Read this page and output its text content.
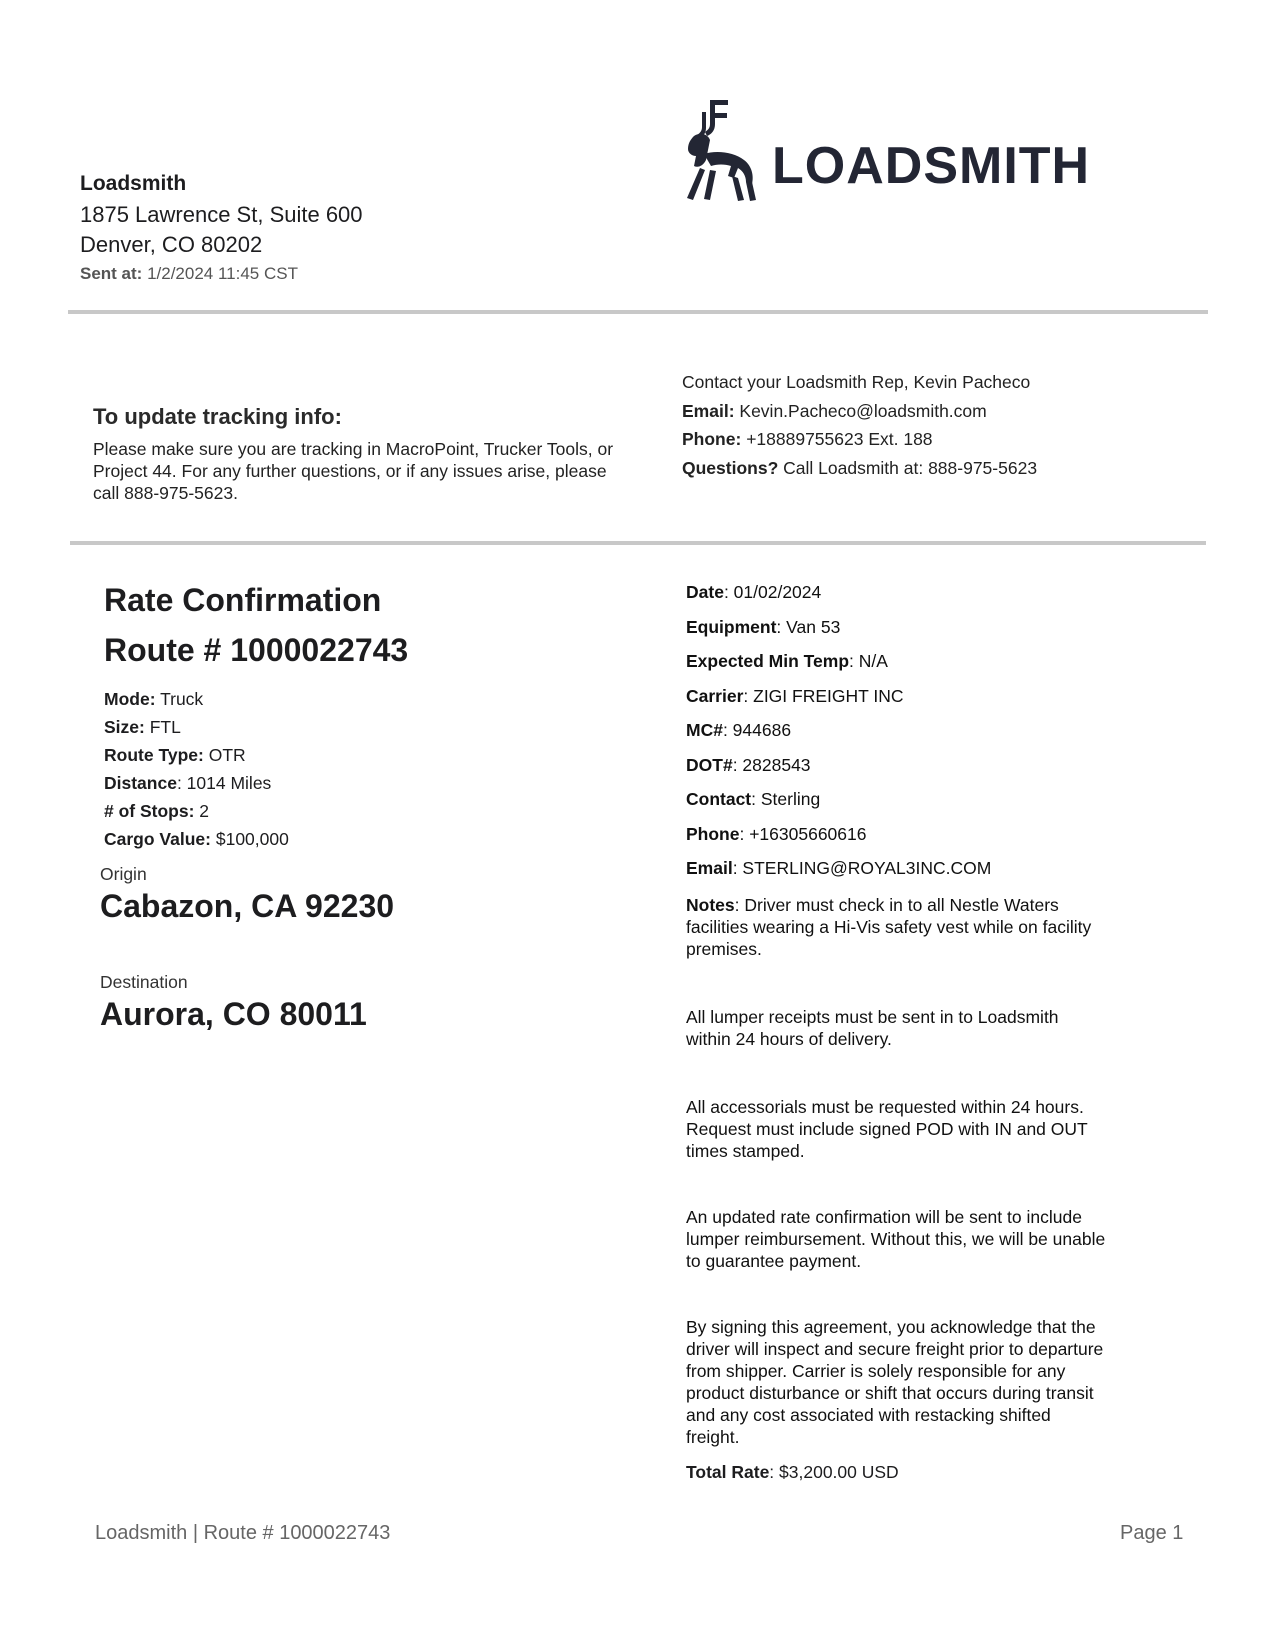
Loadsmith
1875 Lawrence St, Suite 600
Denver, CO 80202
Sent at: 1/2/2024 11:45 CST
LOADSMITH
To update tracking info:
Please make sure you are tracking in MacroPoint, Trucker Tools, or Project 44. For any further questions, or if any issues arise, please call 888-975-5623.
Contact your Loadsmith Rep, Kevin Pacheco
Email: Kevin.Pacheco@loadsmith.com
Phone: +18889755623 Ext. 188
Questions? Call Loadsmith at: 888-975-5623
Rate Confirmation
Route # 1000022743
Mode: Truck
Size: FTL
Route Type: OTR
Distance: 1014 Miles
# of Stops: 2
Cargo Value: $100,000
Origin
Cabazon, CA 92230
Destination
Aurora, CO 80011
Date: 01/02/2024
Equipment: Van 53
Expected Min Temp: N/A
Carrier: ZIGI FREIGHT INC
MC#: 944686
DOT#: 2828543
Contact: Sterling
Phone: +16305660616
Email: STERLING@ROYAL3INC.COM
Notes: Driver must check in to all Nestle Waters facilities wearing a Hi-Vis safety vest while on facility premises.
All lumper receipts must be sent in to Loadsmith within 24 hours of delivery.
All accessorials must be requested within 24 hours. Request must include signed POD with IN and OUT times stamped.
An updated rate confirmation will be sent to include lumper reimbursement. Without this, we will be unable to guarantee payment.
By signing this agreement, you acknowledge that the driver will inspect and secure freight prior to departure from shipper. Carrier is solely responsible for any product disturbance or shift that occurs during transit and any cost associated with restacking shifted freight.
Total Rate: $3,200.00 USD
Loadsmith | Route # 1000022743	Page 1
